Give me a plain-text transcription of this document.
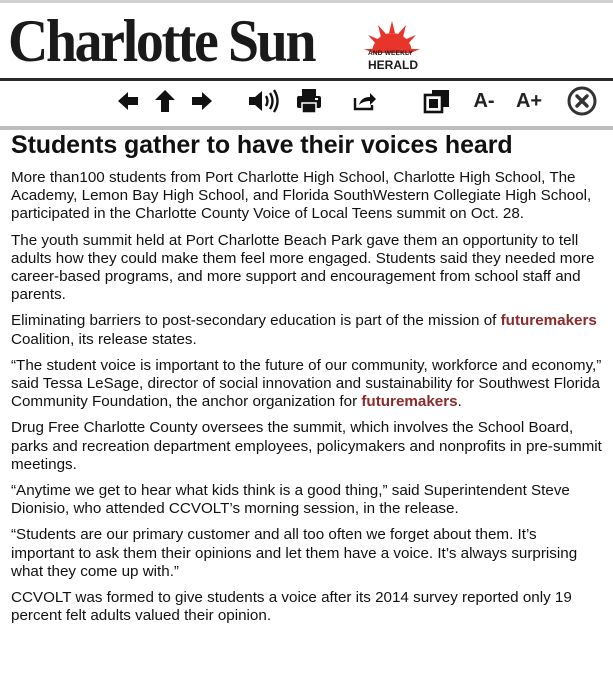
Charlotte Sun	AND WEEKLY
HERALD
A- A+
Students gather to have their voices heard

More than100 students from Port Charlotte High School, Charlotte High School, The Academy, Lemon Bay High School, and Florida SouthWestern Collegiate High School, participated in the Charlotte County Voice of Local Teens summit on Oct. 28.

The youth summit held at Port Charlotte Beach Park gave them an opportunity to tell adults how they could make them feel more engaged. Students said they needed more career-based programs, and more support and encouragement from school staff and parents.

Eliminating barriers to post-secondary education is part of the mission of futuremakers Coalition, its release states.

“The student voice is important to the future of our community, workforce and economy,” said Tessa LeSage, director of social innovation and sustainability for Southwest Florida Community Foundation, the anchor organization for futuremakers.

Drug Free Charlotte County oversees the summit, which involves the School Board, parks and recreation department employees, policymakers and nonprofits in pre-summit meetings.

“Anytime we get to hear what kids think is a good thing,” said Superintendent Steve Dionisio, who attended CCVOLT’s morning session, in the release.

“Students are our primary customer and all too often we forget about them. It’s important to ask them their opinions and let them have a voice. It’s always surprising what they come up with.”

CCVOLT was formed to give students a voice after its 2014 survey reported only 19 percent felt adults valued their opinion.
